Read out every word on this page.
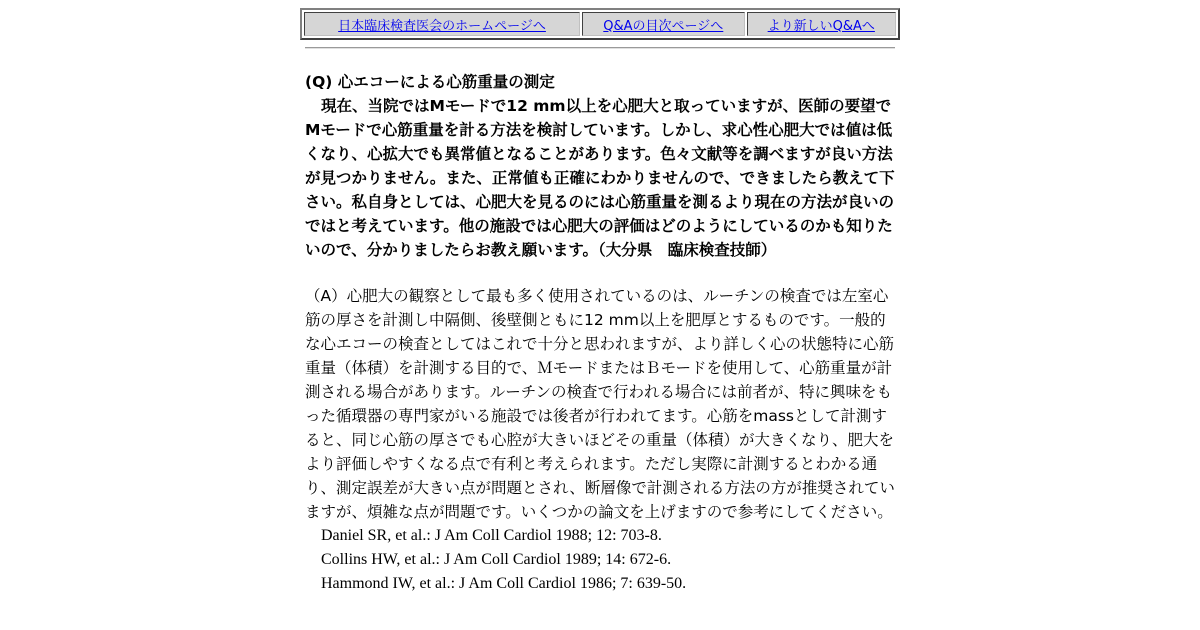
日本臨床検査医会のホームページへ	Q&Aの目次ページへ	より新しいQ&Aへ
(Q) 心エコーによる心筋重量の測定
現在、当院ではMモードで12 mm以上を心肥大と取っていますが、医師の要望でMモードで心筋重量を計る方法を検討しています。しかし、求心性心肥大では値は低くなり、心拡大でも異常値となることがあります。色々文献等を調べますが良い方法が見つかりません。また、正常値も正確にわかりませんので、できましたら教えて下さい。私自身としては、心肥大を見るのには心筋重量を測るより現在の方法が良いのではと考えています。他の施設では心肥大の評価はどのようにしているのかも知りたいので、分かりましたらお教え願います。（大分県　臨床検査技師）
（A）心肥大の観察として最も多く使用されているのは、ルーチンの検査では左室心筋の厚さを計測し中隔側、後壁側ともに12 mm以上を肥厚とするものです。一般的な心エコーの検査としてはこれで十分と思われますが、より詳しく心の状態特に心筋重量（体積）を計測する目的で、ＭモードまたはＢモードを使用して、心筋重量が計測される場合があります。ルーチンの検査で行われる場合には前者が、特に興味をもった循環器の専門家がいる施設では後者が行われてます。心筋をmassとして計測すると、同じ心筋の厚さでも心腔が大きいほどその重量（体積）が大きくなり、肥大をより評価しやすくなる点で有利と考えられます。ただし実際に計測するとわかる通り、測定誤差が大きい点が問題とされ、断層像で計測される方法の方が推奨されていますが、煩雑な点が問題です。いくつかの論文を上げますので参考にしてください。
Daniel SR, et al.: J Am Coll Cardiol 1988; 12: 703-8.
Collins HW, et al.: J Am Coll Cardiol 1989; 14: 672-6.
Hammond IW, et al.: J Am Coll Cardiol 1986; 7: 639-50.
